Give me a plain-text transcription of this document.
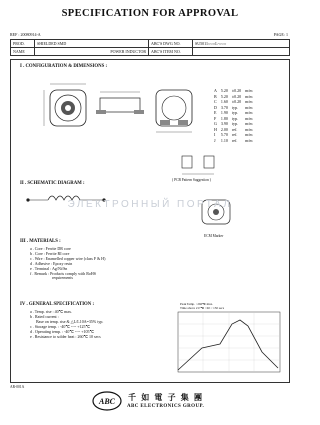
SPECIFICATION FOR APPROVAL
REF : 20080914-A	PAGE: 1
PROD.	SHIELDED SMD	ABC'S DWG NO.	SU5011○○○L-○○○
NAME	POWER INDUCTOR	ABC'S ITEM NO.	
I . CONFIGURATION & DIMENSIONS :
A	5.20	±0.20	m/m
B	5.20	±0.20	m/m
C	1.60	±0.20	m/m
D	3.70	typ.	m/m
E	1.90	typ.	m/m
F	1.80	typ.	m/m
G	3.90	typ.	m/m
H	2.00	ref.	m/m
I	5.70	ref.	m/m
J	1.10	ref.	m/m
( PCB Pattern Suggestion )
II . SCHEMATIC DIAGRAM :
ECM Marker
III . MATERIALS :
a . Core : Ferrite DR core
b . Core : Ferrite RI core
c . Wire : Enamelled copper wire (class F & H)
d . Adhesive : Epoxy resin
e . Terminal : Ag/Ni/Sn
f . Remark : Products comply with RoHS
requirements
IV . GENERAL SPECIFICATION :
a . Temp. rise : 40℃ max.
b . Rated current :
Base on temp. rise & △L/L10A=35% typ.
c . Storage temp. : -40℃ ---- +125℃
d . Operating temp. : -40℃ ---- +105℃
e . Resistance to solder heat : 260℃ 10 secs
Peak Temp. : 260℃ max.
Time above 217℃ : 60 ~ 150 secs
ЭЛЕКТРОННЫЙ ПОРТАЛ
AR-001A
ABC 千 如 電 子 集 團
ABC ELECTRONICS GROUP.
